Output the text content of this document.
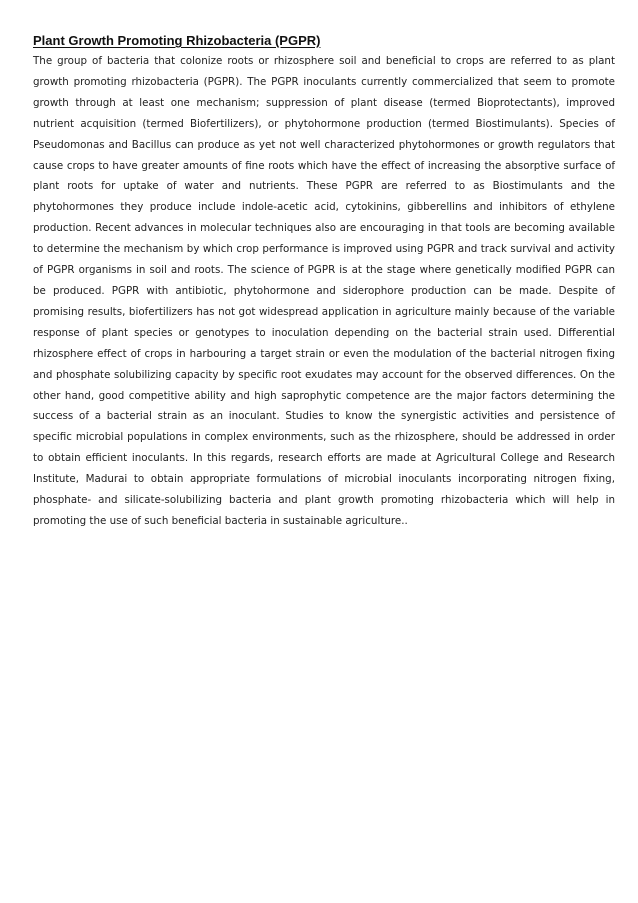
Plant Growth Promoting Rhizobacteria (PGPR)

The group of bacteria that colonize roots or rhizosphere soil and beneficial to crops are referred to as plant growth promoting rhizobacteria (PGPR). The PGPR inoculants currently commercialized that seem to promote growth through at least one mechanism; suppression of plant disease (termed Bioprotectants), improved nutrient acquisition (termed Biofertilizers), or phytohormone production (termed Biostimulants). Species of Pseudomonas and Bacillus can produce as yet not well characterized phytohormones or growth regulators that cause crops to have greater amounts of fine roots which have the effect of increasing the absorptive surface of plant roots for uptake of water and nutrients. These PGPR are referred to as Biostimulants and the phytohormones they produce include indole-acetic acid, cytokinins, gibberellins and inhibitors of ethylene production. Recent advances in molecular techniques also are encouraging in that tools are becoming available to determine the mechanism by which crop performance is improved using PGPR and track survival and activity of PGPR organisms in soil and roots. The science of PGPR is at the stage where genetically modified PGPR can be produced. PGPR with antibiotic, phytohormone and siderophore production can be made. Despite of promising results, biofertilizers has not got widespread application in agriculture mainly because of the variable response of plant species or genotypes to inoculation depending on the bacterial strain used. Differential rhizosphere effect of crops in harbouring a target strain or even the modulation of the bacterial nitrogen fixing and phosphate solubilizing capacity by specific root exudates may account for the observed differences. On the other hand, good competitive ability and high saprophytic competence are the major factors determining the success of a bacterial strain as an inoculant. Studies to know the synergistic activities and persistence of specific microbial populations in complex environments, such as the rhizosphere, should be addressed in order to obtain efficient inoculants. In this regards, research efforts are made at Agricultural College and Research Institute, Madurai to obtain appropriate formulations of microbial inoculants incorporating nitrogen fixing, phosphate- and silicate-solubilizing bacteria and plant growth promoting rhizobacteria which will help in promoting the use of such beneficial bacteria in sustainable agriculture..
